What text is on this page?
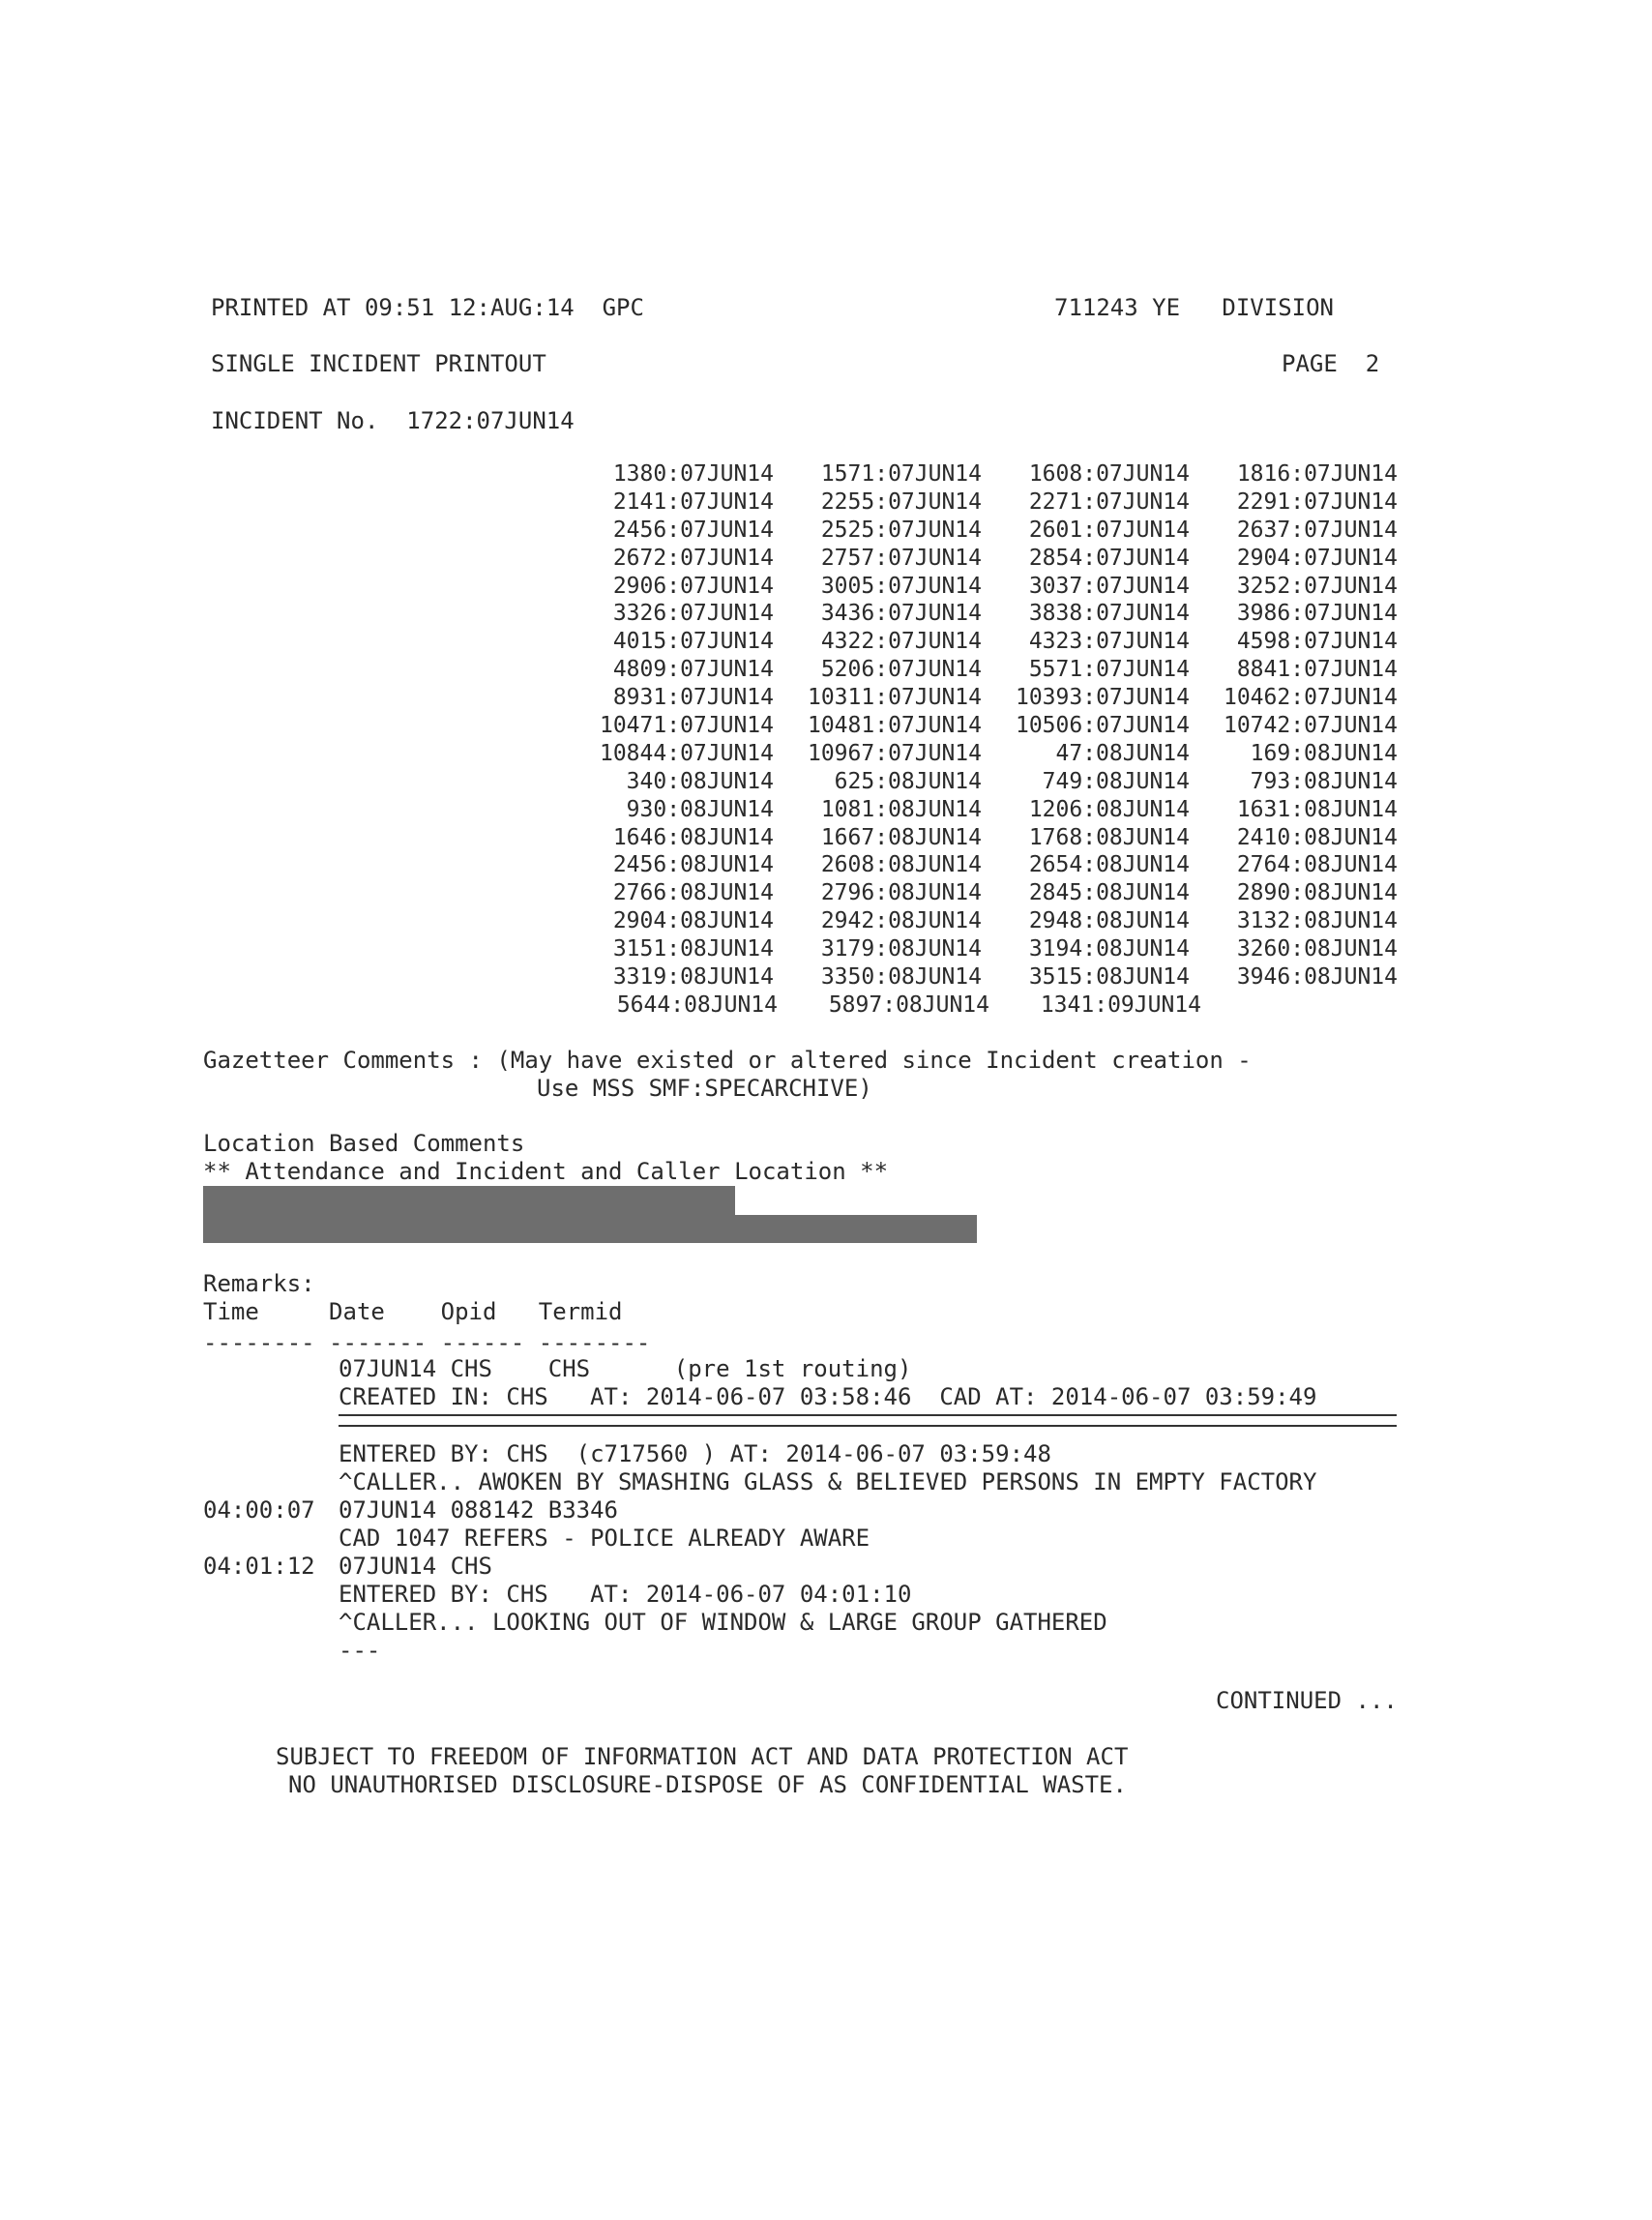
PRINTED AT 09:51 12:AUG:14  GPC	711243 YE   DIVISION
SINGLE INCIDENT PRINTOUT	PAGE  2
INCIDENT No.  1722:07JUN14
1380:07JUN14	1571:07JUN14	1608:07JUN14	1816:07JUN14
2141:07JUN14	2255:07JUN14	2271:07JUN14	2291:07JUN14
2456:07JUN14	2525:07JUN14	2601:07JUN14	2637:07JUN14
2672:07JUN14	2757:07JUN14	2854:07JUN14	2904:07JUN14
2906:07JUN14	3005:07JUN14	3037:07JUN14	3252:07JUN14
3326:07JUN14	3436:07JUN14	3838:07JUN14	3986:07JUN14
4015:07JUN14	4322:07JUN14	4323:07JUN14	4598:07JUN14
4809:07JUN14	5206:07JUN14	5571:07JUN14	8841:07JUN14
8931:07JUN14	10311:07JUN14	10393:07JUN14	10462:07JUN14
10471:07JUN14	10481:07JUN14	10506:07JUN14	10742:07JUN14
10844:07JUN14	10967:07JUN14	47:08JUN14	169:08JUN14
340:08JUN14	625:08JUN14	749:08JUN14	793:08JUN14
930:08JUN14	1081:08JUN14	1206:08JUN14	1631:08JUN14
1646:08JUN14	1667:08JUN14	1768:08JUN14	2410:08JUN14
2456:08JUN14	2608:08JUN14	2654:08JUN14	2764:08JUN14
2766:08JUN14	2796:08JUN14	2845:08JUN14	2890:08JUN14
2904:08JUN14	2942:08JUN14	2948:08JUN14	3132:08JUN14
3151:08JUN14	3179:08JUN14	3194:08JUN14	3260:08JUN14
3319:08JUN14	3350:08JUN14	3515:08JUN14	3946:08JUN14
5644:08JUN14	5897:08JUN14	1341:09JUN14
Gazetteer Comments : (May have existed or altered since Incident creation -
Use MSS SMF:SPECARCHIVE)
Location Based Comments
** Attendance and Incident and Caller Location **
Remarks:
Time     Date    Opid   Termid
-------- ------- ------ --------
07JUN14 CHS    CHS      (pre 1st routing)
CREATED IN: CHS   AT: 2014-06-07 03:58:46  CAD AT: 2014-06-07 03:59:49
ENTERED BY: CHS  (c717560 ) AT: 2014-06-07 03:59:48
^CALLER.. AWOKEN BY SMASHING GLASS & BELIEVED PERSONS IN EMPTY FACTORY
04:00:07 07JUN14 088142 B3346
CAD 1047 REFERS - POLICE ALREADY AWARE
04:01:12 07JUN14 CHS
ENTERED BY: CHS   AT: 2014-06-07 04:01:10
^CALLER... LOOKING OUT OF WINDOW & LARGE GROUP GATHERED
---
CONTINUED ...
SUBJECT TO FREEDOM OF INFORMATION ACT AND DATA PROTECTION ACT
NO UNAUTHORISED DISCLOSURE-DISPOSE OF AS CONFIDENTIAL WASTE.
